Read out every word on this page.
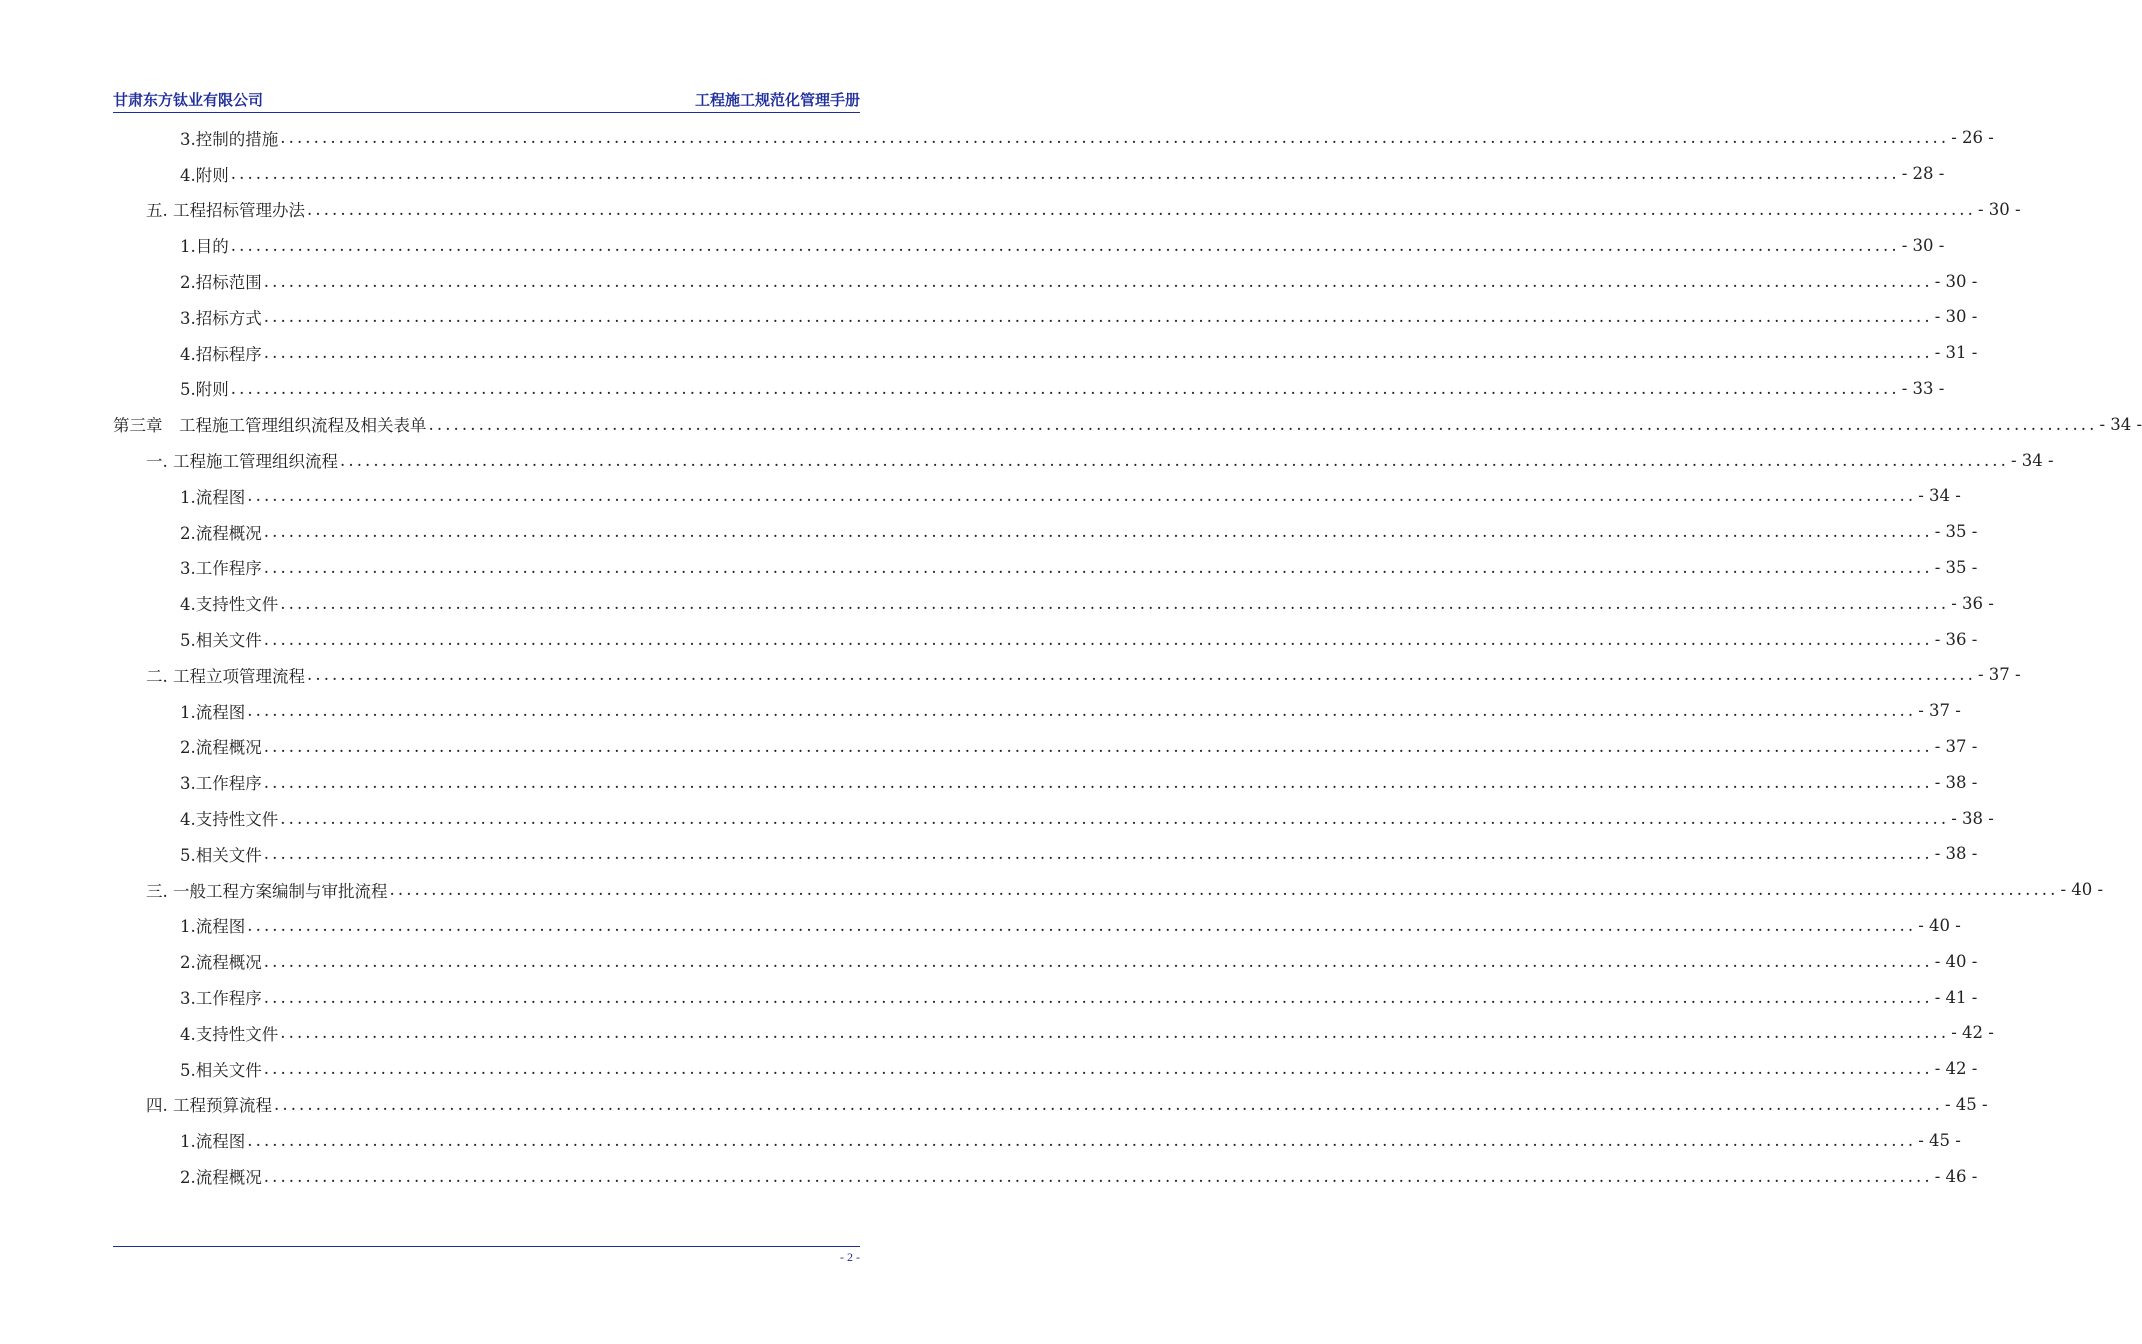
甘肃东方钛业有限公司	工程施工规范化管理手册
3.控制的措施 ........................................................................................................................................................................................................ - 26 -
4.附则 ........................................................................................................................................................................................................ - 28 -
五. 工程招标管理办法 ........................................................................................................................................................................................................ - 30 -
1.目的 ........................................................................................................................................................................................................ - 30 -
2.招标范围 ........................................................................................................................................................................................................ - 30 -
3.招标方式 ........................................................................................................................................................................................................ - 30 -
4.招标程序 ........................................................................................................................................................................................................ - 31 -
5.附则 ........................................................................................................................................................................................................ - 33 -
第三章　工程施工管理组织流程及相关表单 ........................................................................................................................................................................................................ - 34 -
一. 工程施工管理组织流程 ........................................................................................................................................................................................................ - 34 -
1.流程图 ........................................................................................................................................................................................................ - 34 -
2.流程概况 ........................................................................................................................................................................................................ - 35 -
3.工作程序 ........................................................................................................................................................................................................ - 35 -
4.支持性文件 ........................................................................................................................................................................................................ - 36 -
5.相关文件 ........................................................................................................................................................................................................ - 36 -
二. 工程立项管理流程 ........................................................................................................................................................................................................ - 37 -
1.流程图 ........................................................................................................................................................................................................ - 37 -
2.流程概况 ........................................................................................................................................................................................................ - 37 -
3.工作程序 ........................................................................................................................................................................................................ - 38 -
4.支持性文件 ........................................................................................................................................................................................................ - 38 -
5.相关文件 ........................................................................................................................................................................................................ - 38 -
三. 一般工程方案编制与审批流程 ........................................................................................................................................................................................................ - 40 -
1.流程图 ........................................................................................................................................................................................................ - 40 -
2.流程概况 ........................................................................................................................................................................................................ - 40 -
3.工作程序 ........................................................................................................................................................................................................ - 41 -
4.支持性文件 ........................................................................................................................................................................................................ - 42 -
5.相关文件 ........................................................................................................................................................................................................ - 42 -
四. 工程预算流程 ........................................................................................................................................................................................................ - 45 -
1.流程图 ........................................................................................................................................................................................................ - 45 -
2.流程概况 ........................................................................................................................................................................................................ - 46 -
- 2 -
